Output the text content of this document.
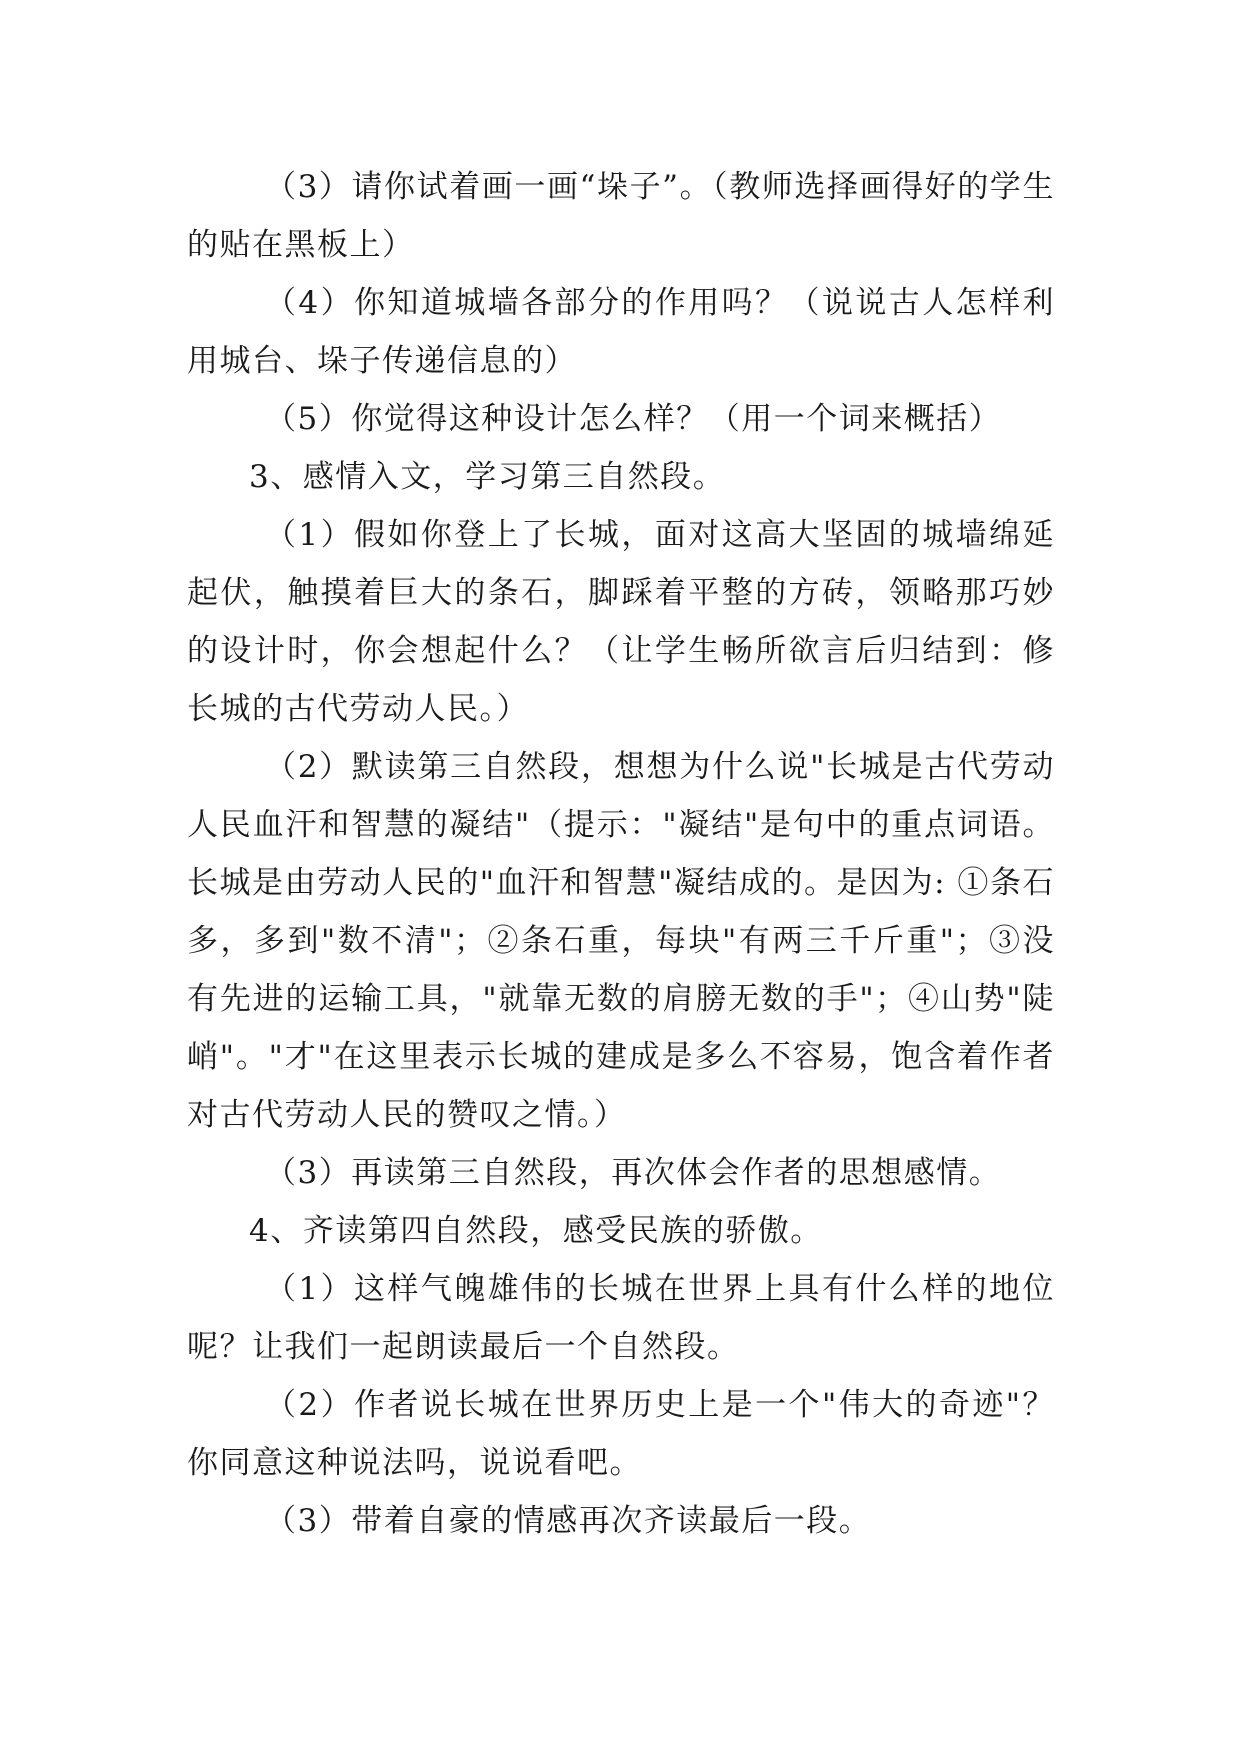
（3）请你试着画一画“垛子”。（教师选择画得好的学生的贴在黑板上）

（4）你知道城墙各部分的作用吗？（说说古人怎样利用城台、垛子传递信息的）

（5）你觉得这种设计怎么样？（用一个词来概括）

3、感情入文，学习第三自然段。

（1）假如你登上了长城，面对这高大坚固的城墙绵延起伏，触摸着巨大的条石，脚踩着平整的方砖，领略那巧妙的设计时，你会想起什么？（让学生畅所欲言后归结到：修长城的古代劳动人民。）

（2）默读第三自然段，想想为什么说"长城是古代劳动人民血汗和智慧的凝结"（提示："凝结"是句中的重点词语。长城是由劳动人民的"血汗和智慧"凝结成的。是因为: ①条石多，多到"数不清"；②条石重，每块"有两三千斤重"；③没有先进的运输工具，"就靠无数的肩膀无数的手"；④山势"陡峭"。"才"在这里表示长城的建成是多么不容易，饱含着作者对古代劳动人民的赞叹之情。）

（3）再读第三自然段，再次体会作者的思想感情。

4、齐读第四自然段，感受民族的骄傲。

（1）这样气魄雄伟的长城在世界上具有什么样的地位呢？让我们一起朗读最后一个自然段。

（2）作者说长城在世界历史上是一个"伟大的奇迹"？你同意这种说法吗，说说看吧。

（3）带着自豪的情感再次齐读最后一段。
